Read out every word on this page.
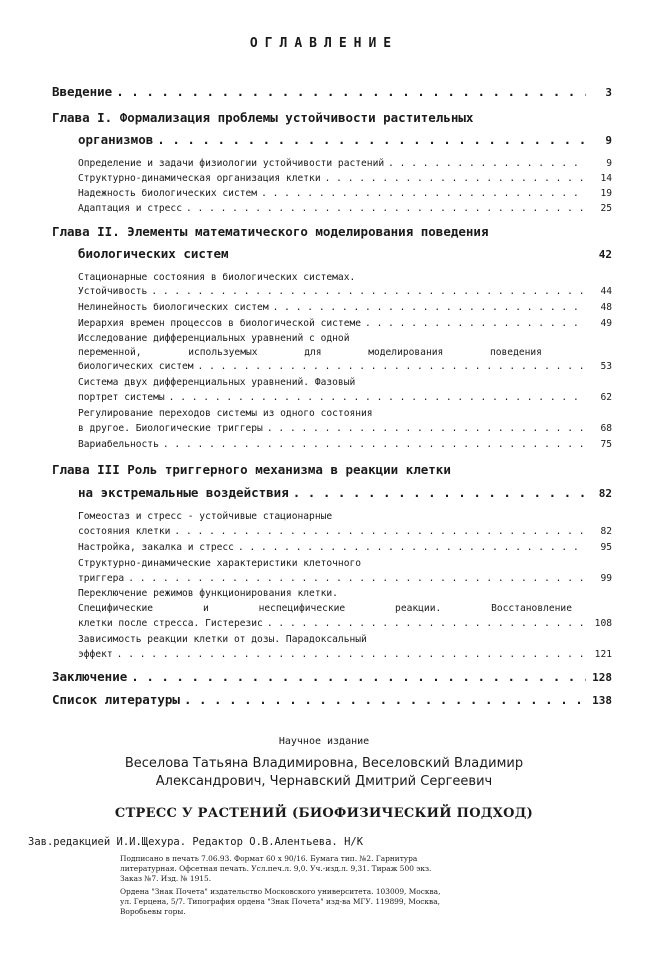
ОГЛАВЛЕНИЕ
Введение . . .	3
Глава I. Формализация проблемы устойчивости растительных
организмов . . .	9
Определение и задачи физиологии устойчивости растений . . .	9
Структурно-динамическая организация клетки . . .	14
Надежность биологических систем . . .	19
Адаптация и стресс . . .	25
Глава II. Элементы математического моделирования поведения
биологических систем	42
Стационарные состояния в биологических системах.
Устойчивость . . .	44
Нелинейность биологических систем . . .	48
Иерархия времен процессов в биологической системе . . .	49
Исследование дифференциальных уравнений с одной
переменной,	используемых	для	моделирования	поведения
биологических систем . . .	53
Система двух дифференциальных уравнений. Фазовый
портрет системы . . .	62
Регулирование переходов системы из одного состояния
в другое. Биологические триггеры . . .	68
Вариабельность . . .	75
Глава III Роль триггерного механизма в реакции клетки
на экстремальные воздействия . . .	82
Гомеостаз и стресс - устойчивые стационарные
состояния клетки . . .	82
Настройка, закалка и стресс . . .	95
Структурно-динамические характеристики клеточного
триггера . . .	99
Переключение режимов функционирования клетки.
Специфические	и	неспецифические	реакции.	Восстановление
клетки после стресса. Гистерезис . . .	108
Зависимость реакции клетки от дозы. Парадоксальный
эффект . . .	121
Заключение . . .	128
Список литературы . . .	138
Научное издание
Веселова Татьяна Владимировна, Веселовский Владимир
Александрович, Чернавский Дмитрий Сергеевич
СТРЕСС У РАСТЕНИЙ (БИОФИЗИЧЕСКИЙ ПОДХОД)
Зав.редакцией И.И.Щехура. Редактор О.В.Алентьева. Н/К
Подписано в печать 7.06.93. Формат 60 х 90/16. Бумага тип. №2. Гарнитура
литературная. Офсетная печать. Усл.печ.л. 9,0. Уч.-изд.л. 9,31. Тираж 500 экз.
Заказ №7. Изд. № 1915.
Ордена "Знак Почета" издательство Московского университета. 103009, Москва,
ул. Герцена, 5/7. Типография ордена "Знак Почета" изд-ва МГУ. 119899, Москва,
Воробьевы горы.
